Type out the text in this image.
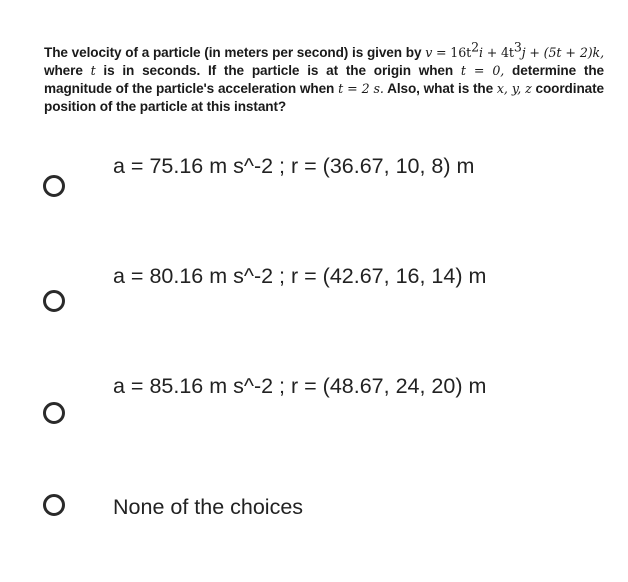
The velocity of a particle (in meters per second) is given by $v = 16t^2i + 4t^3j + (5t + 2)k$, where t is in seconds. If the particle is at the origin when t = 0, determine the magnitude of the particle's acceleration when t = 2 s. Also, what is the x, y, z coordinate position of the particle at this instant?
a = 75.16 m s^-2 ; r = (36.67, 10, 8) m
a = 80.16 m s^-2 ; r = (42.67, 16, 14) m
a = 85.16 m s^-2 ; r = (48.67, 24, 20) m
None of the choices
